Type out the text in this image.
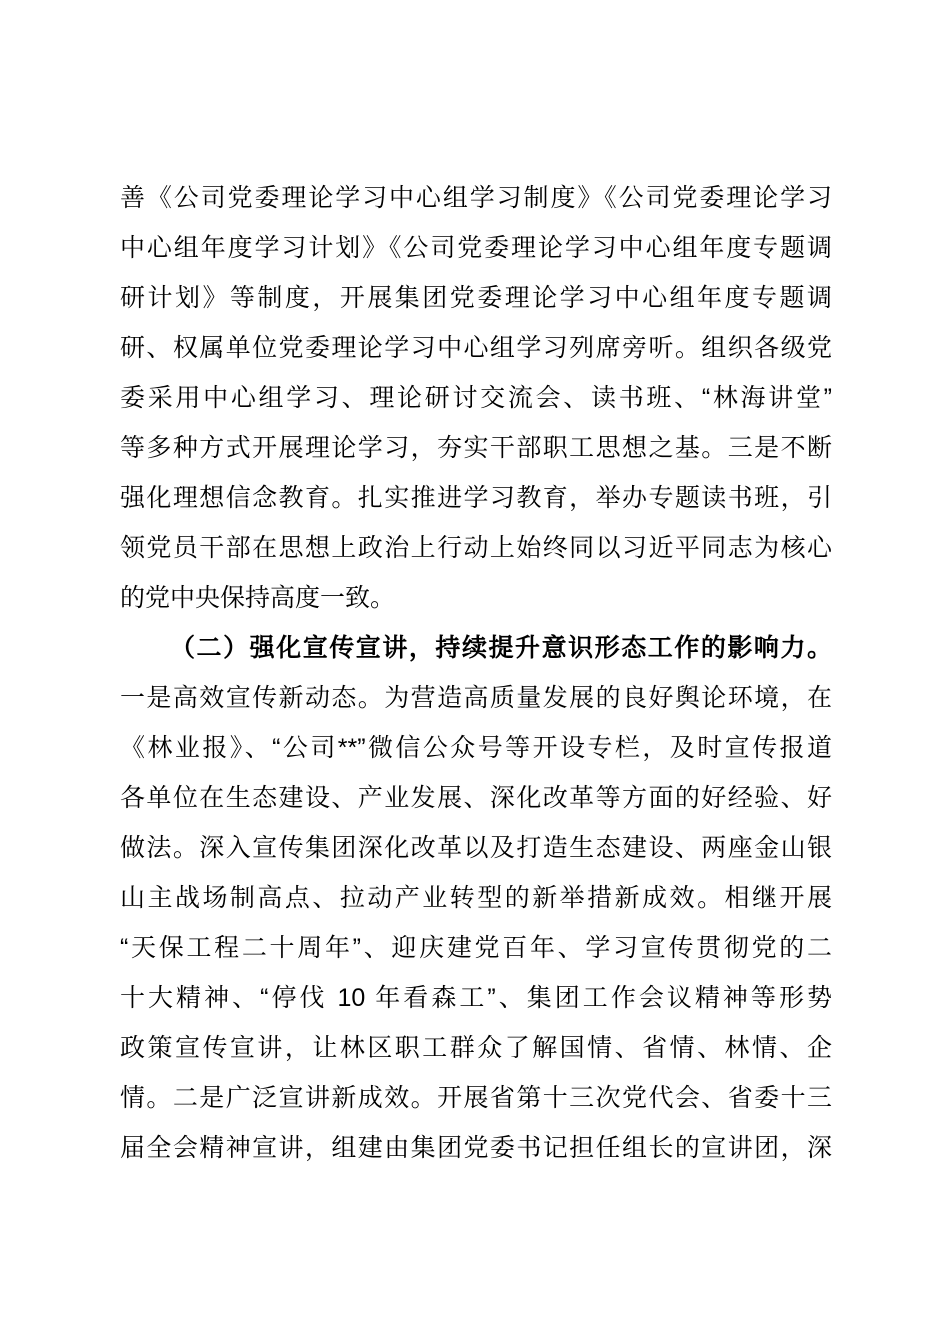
善《公司党委理论学习中心组学习制度》《公司党委理论学习
中心组年度学习计划》《公司党委理论学习中心组年度专题调
研计划》等制度，开展集团党委理论学习中心组年度专题调
研、权属单位党委理论学习中心组学习列席旁听。组织各级党
委采用中心组学习、理论研讨交流会、读书班、“林海讲堂”
等多种方式开展理论学习，夯实干部职工思想之基。三是不断
强化理想信念教育。扎实推进学习教育，举办专题读书班，引
领党员干部在思想上政治上行动上始终同以习近平同志为核心
的党中央保持高度一致。
（二）强化宣传宣讲，持续提升意识形态工作的影响力。
一是高效宣传新动态。为营造高质量发展的良好舆论环境，在
《林业报》、“公司**”微信公众号等开设专栏，及时宣传报道
各单位在生态建设、产业发展、深化改革等方面的好经验、好
做法。深入宣传集团深化改革以及打造生态建设、两座金山银
山主战场制高点、拉动产业转型的新举措新成效。相继开展
“天保工程二十周年”、迎庆建党百年、学习宣传贯彻党的二
十大精神、“停伐 10 年看森工”、集团工作会议精神等形势
政策宣传宣讲，让林区职工群众了解国情、省情、林情、企
情。二是广泛宣讲新成效。开展省第十三次党代会、省委十三
届全会精神宣讲，组建由集团党委书记担任组长的宣讲团，深
